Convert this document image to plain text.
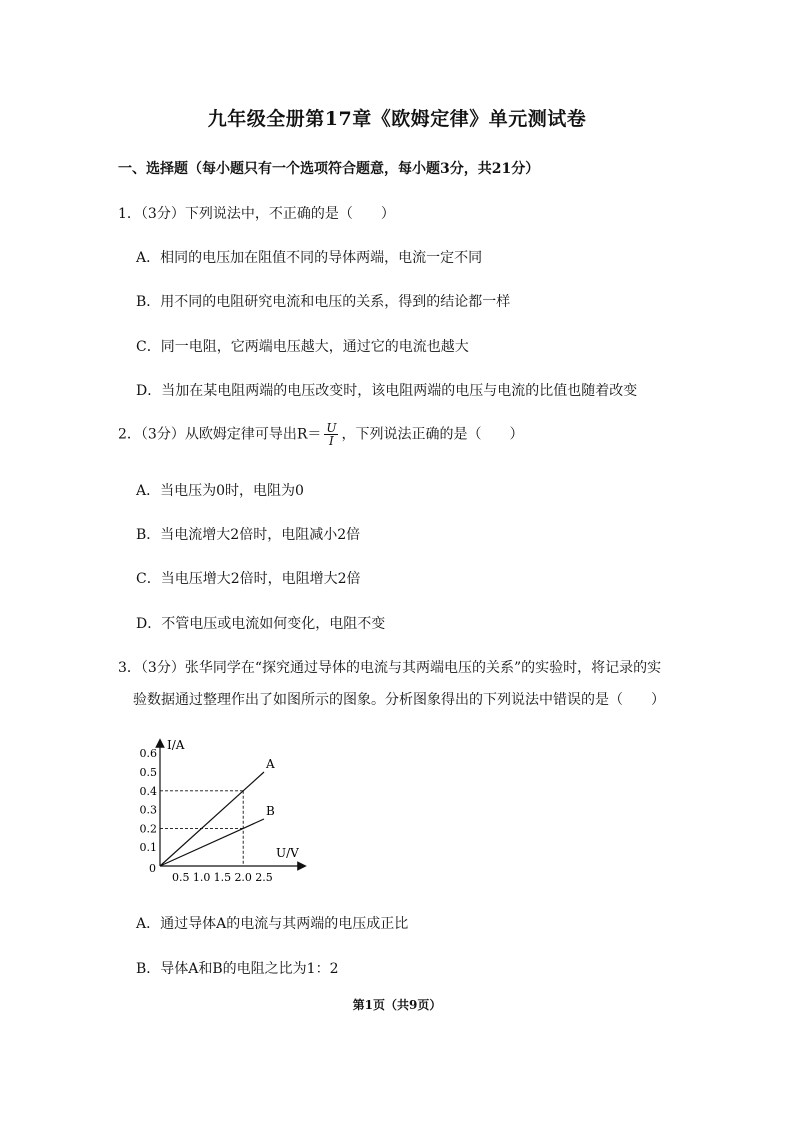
九年级全册第17章《欧姆定律》单元测试卷
一、选择题（每小题只有一个选项符合题意，每小题3分，共21分）
1．（3分）下列说法中，不正确的是（　　）
A．相同的电压加在阻值不同的导体两端，电流一定不同
B．用不同的电阻研究电流和电压的关系，得到的结论都一样
C．同一电阻，它两端电压越大，通过它的电流也越大
D．当加在某电阻两端的电压改变时，该电阻两端的电压与电流的比值也随着改变
2．（3分）从欧姆定律可导出$R= \frac{U}{I}$ ，下列说法正确的是（　　）
A．当电压为0时，电阻为0
B．当电流增大2倍时，电阻减小2倍
C．当电压增大2倍时，电阻增大2倍
D．不管电压或电流如何变化，电阻不变
3．（3分）张华同学在“探究通过导体的电流与其两端电压的关系”的实验时，将记录的实
验数据通过整理作出了如图所示的图象。分析图象得出的下列说法中错误的是（　　）
I/A
U/V
0
0.1
0.2
0.3
0.4
0.5
0.6
0.5 1.0 1.5 2.0 2.5
A
B
A．通过导体A的电流与其两端的电压成正比
B．导体A和B的电阻之比为1：2
第1页（共9页）
